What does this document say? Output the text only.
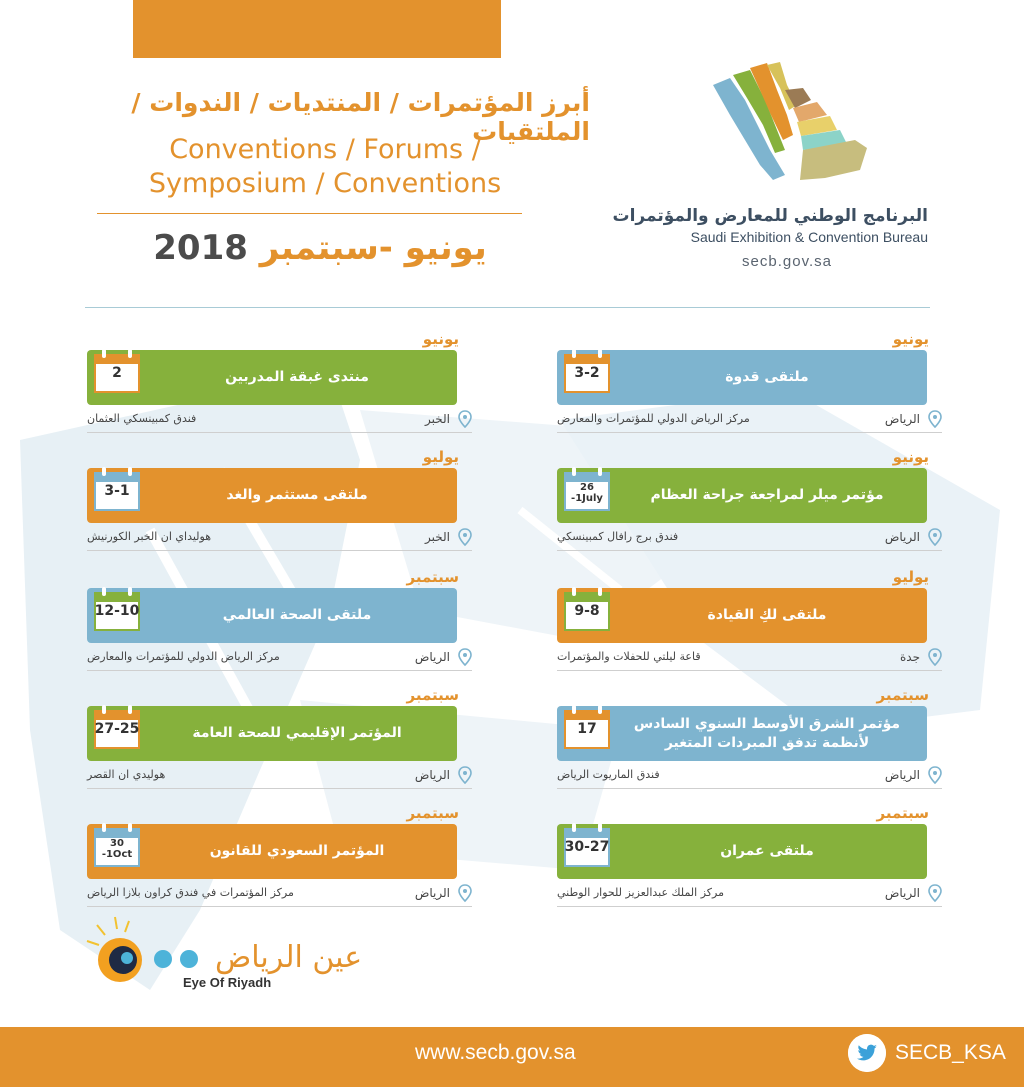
أبرز المؤتمرات / المنتديات / الندوات / الملتقيات
Conventions / Forums /
Symposium / Conventions
2018 يونيو -سبتمبر
البرنامج الوطني للمعارض والمؤتمرات
Saudi Exhibition & Convention Bureau
secb.gov.sa
يونيو
3-2	ملتقى قدوة
الرياض
مركز الرياض الدولي للمؤتمرات والمعارض
يونيو
26
-1July	مؤتمر ميلر لمراجعة جراحة العظام
الرياض
فندق برج رافال كمبينسكي
يوليو
9-8	ملتقى لكِ القيادة
جدة
قاعة ليلتي للحفلات والمؤتمرات
سبتمبر
17	مؤتمر الشرق الأوسط السنوي السادس
لأنظمة تدفق المبردات المتغير
الرياض
فندق الماريوت الرياض
سبتمبر
30-27	ملتقى عمران
الرياض
مركز الملك عبدالعزيز للحوار الوطني
يونيو
2	منتدى غبقة المدربين
الخبر
فندق كمبينسكي العثمان
يوليو
3-1	ملتقى مستثمر والغد
الخبر
هوليداي ان الخبر الكورنيش
سبتمبر
12-10	ملتقى الصحة العالمي
الرياض
مركز الرياض الدولي للمؤتمرات والمعارض
سبتمبر
27-25	المؤتمر الإقليمي للصحة العامة
الرياض
هوليدي ان القصر
سبتمبر
30
-1Oct	المؤتمر السعودي للقانون
الرياض
مركز المؤتمرات في فندق كراون بلازا الرياض
عين الرياض
Eye Of Riyadh
www.secb.gov.sa	SECB_KSA
